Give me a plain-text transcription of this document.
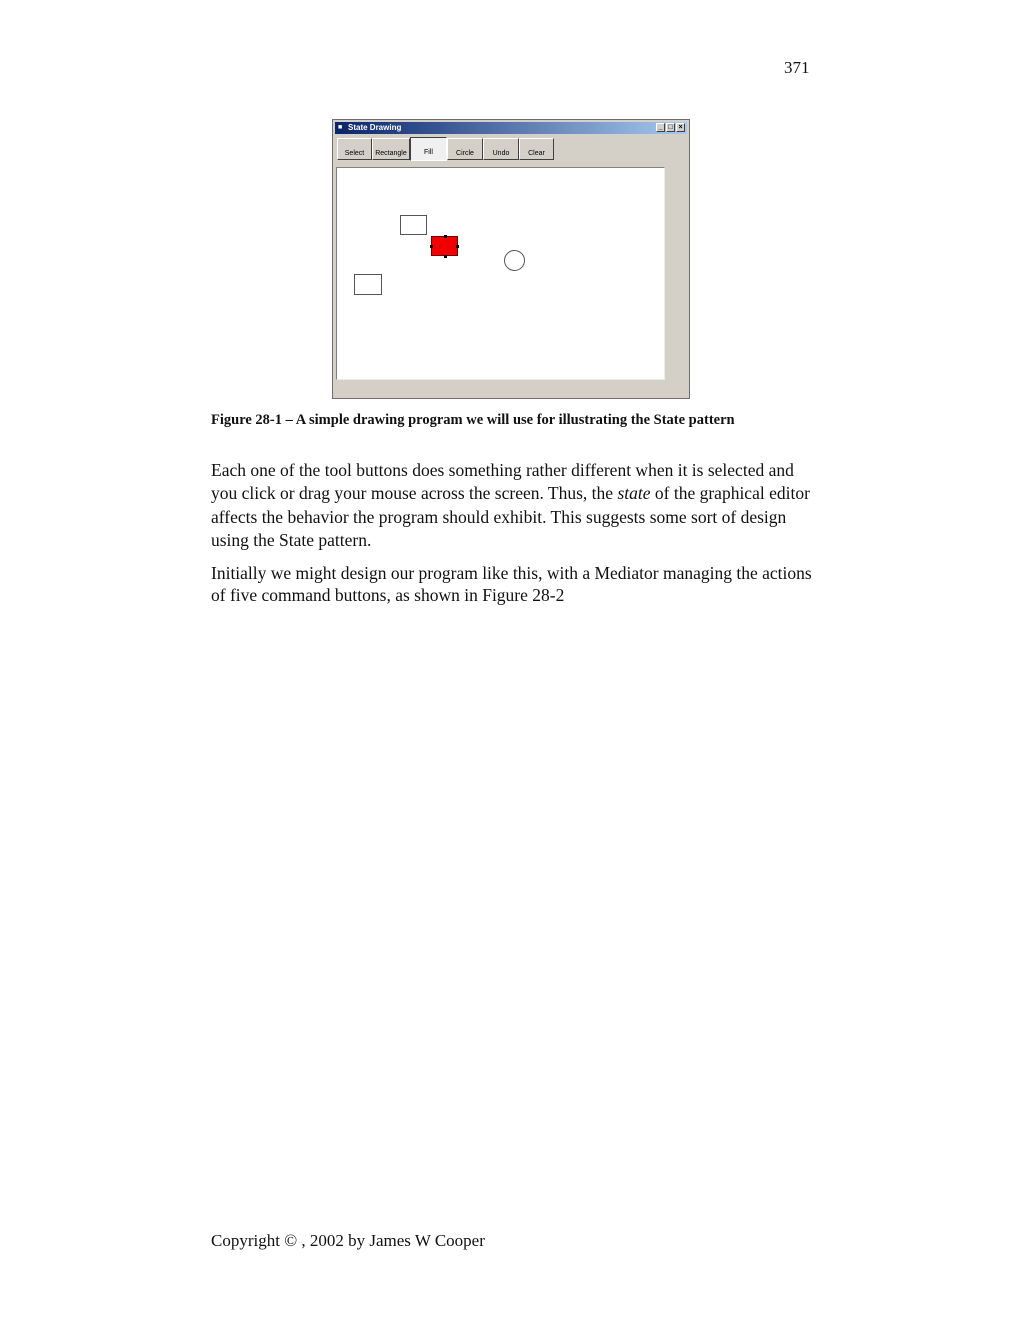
371
■ State Drawing	_ □ ×
Select	Rectangle	Fill	Circle	Undo	Clear
Figure 28-1 – A simple drawing program we will use for illustrating the State pattern

Each one of the tool buttons does something rather different when it is selected and you click or drag your mouse across the screen. Thus, the state of the graphical editor affects the behavior the program should exhibit. This suggests some sort of design using the State pattern.

Initially we might design our program like this, with a Mediator managing the actions of five command buttons, as shown in Figure 28-2

Copyright © , 2002 by James W Cooper
